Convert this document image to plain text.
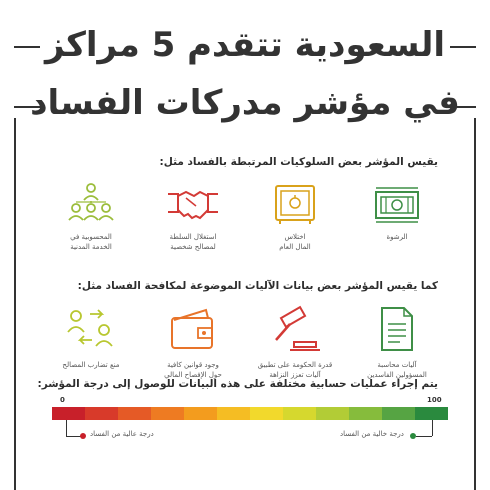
السعودية تتقدم 5 مراكز
في مؤشر مدركات الفساد
يقيس المؤشر بعض السلوكيات المرتبطة بالفساد مثل:
الرشوة
اختلاس
المال العام
استغلال السلطة
لمصالح شخصية
المحسوبية في
الخدمة المدنية
كما يقيس المؤشر بعض بيانات الآليات الموضوعة لمكافحة الفساد مثل:
آليات محاسبة
المسؤولين الفاسدين
قدرة الحكومة على تطبيق
آليات تعزز النزاهة
وجود قوانين كافية
حول الإفصاح المالي
منع تضارب المصالح
يتم إجراء عمليات حسابية مختلفة على هذه البيانات للوصول إلى درجة المؤشر:
0	100
درجة عالية من الفساد	درجة خالية من الفساد
